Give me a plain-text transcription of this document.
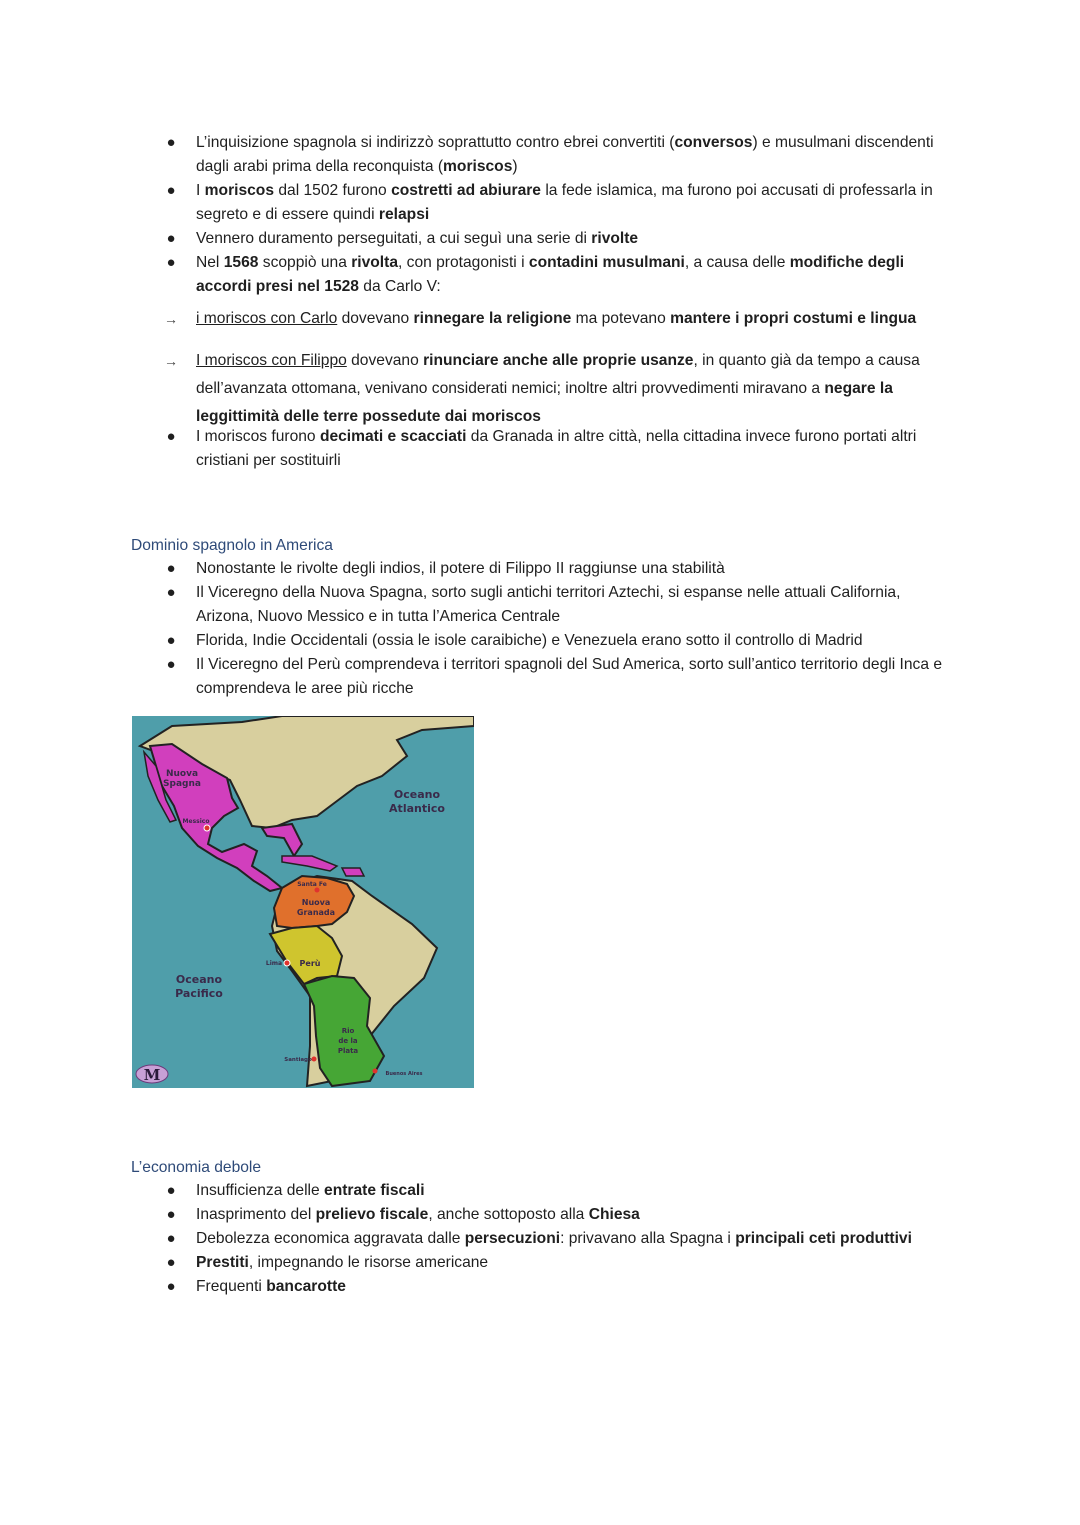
● L’inquisizione spagnola si indirizzò soprattutto contro ebrei convertiti (conversos) e musulmani discendenti dagli arabi prima della reconquista (moriscos)
● I moriscos dal 1502 furono costretti ad abiurare la fede islamica, ma furono poi accusati di professarla in segreto e di essere quindi relapsi
● Vennero duramento perseguitati, a cui seguì una serie di rivolte
● Nel 1568 scoppiò una rivolta, con protagonisti i contadini musulmani, a causa delle modifiche degli accordi presi nel 1528 da Carlo V:
→ i moriscos con Carlo dovevano rinnegare la religione ma potevano mantere i propri costumi e lingua
→ I moriscos con Filippo dovevano rinunciare anche alle proprie usanze, in quanto già da tempo a causa dell’avanzata ottomana, venivano considerati nemici; inoltre altri provvedimenti miravano a negare la leggittimità delle terre possedute dai moriscos
● I moriscos furono decimati e scacciati da Granada in altre città, nella cittadina invece furono portati altri cristiani per sostituirli
Dominio spagnolo in America
● Nonostante le rivolte degli indios, il potere di Filippo II raggiunse una stabilità
● Il Viceregno della Nuova Spagna, sorto sugli antichi territori Aztechi, si espanse nelle attuali California, Arizona, Nuovo Messico e in tutta l’America Centrale
● Florida, Indie Occidentali (ossia le isole caraibiche) e Venezuela erano sotto il controllo di Madrid
● Il Viceregno del Perù comprendeva i territori spagnoli del Sud America, sorto sull’antico territorio degli Inca e comprendeva le aree più ricche
Nuova
Spagna
Messico
Oceano
Atlantico
Santa Fe
Nuova
Granada
Lima Perù
Oceano
Pacifico
Rio
de la
Plata
Santiago
Buenos Aires
M
L’economia debole
● Insufficienza delle entrate fiscali
● Inasprimento del prelievo fiscale, anche sottoposto alla Chiesa
● Debolezza economica aggravata dalle persecuzioni: privavano alla Spagna i principali ceti produttivi
● Prestiti, impegnando le risorse americane
● Frequenti bancarotte
